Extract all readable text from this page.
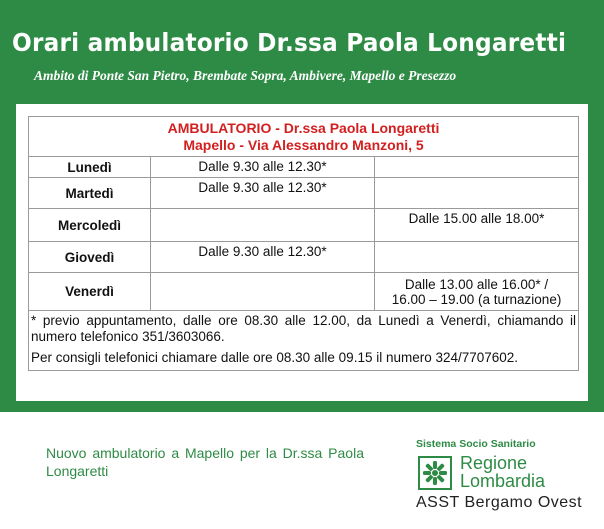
Orari ambulatorio Dr.ssa Paola Longaretti
Ambito di Ponte San Pietro, Brembate Sopra, Ambivere, Mapello e Presezzo
AMBULATORIO - Dr.ssa Paola Longaretti
Mapello - Via Alessandro Manzoni, 5		

Lunedì	Dalle 9.30 alle 12.30*	
Martedì	Dalle 9.30 alle 12.30*	
Mercoledì		Dalle 15.00 alle 18.00*
Giovedì	Dalle 9.30 alle 12.30*	
Venerdì		Dalle 13.00 alle 16.00* /
16.00 – 19.00 (a turnazione)

* previo appuntamento, dalle ore 08.30 alle 12.00, da Lunedì a Venerdì, chiamando il numero telefonico 351/3603066.

Per consigli telefonici chiamare dalle ore 08.30 alle 09.15 il numero 324/7707602.		

Nuovo ambulatorio a Mapello per la Dr.ssa Paola Longaretti
Sistema Socio Sanitario
Regione
Lombardia
ASST Bergamo Ovest
